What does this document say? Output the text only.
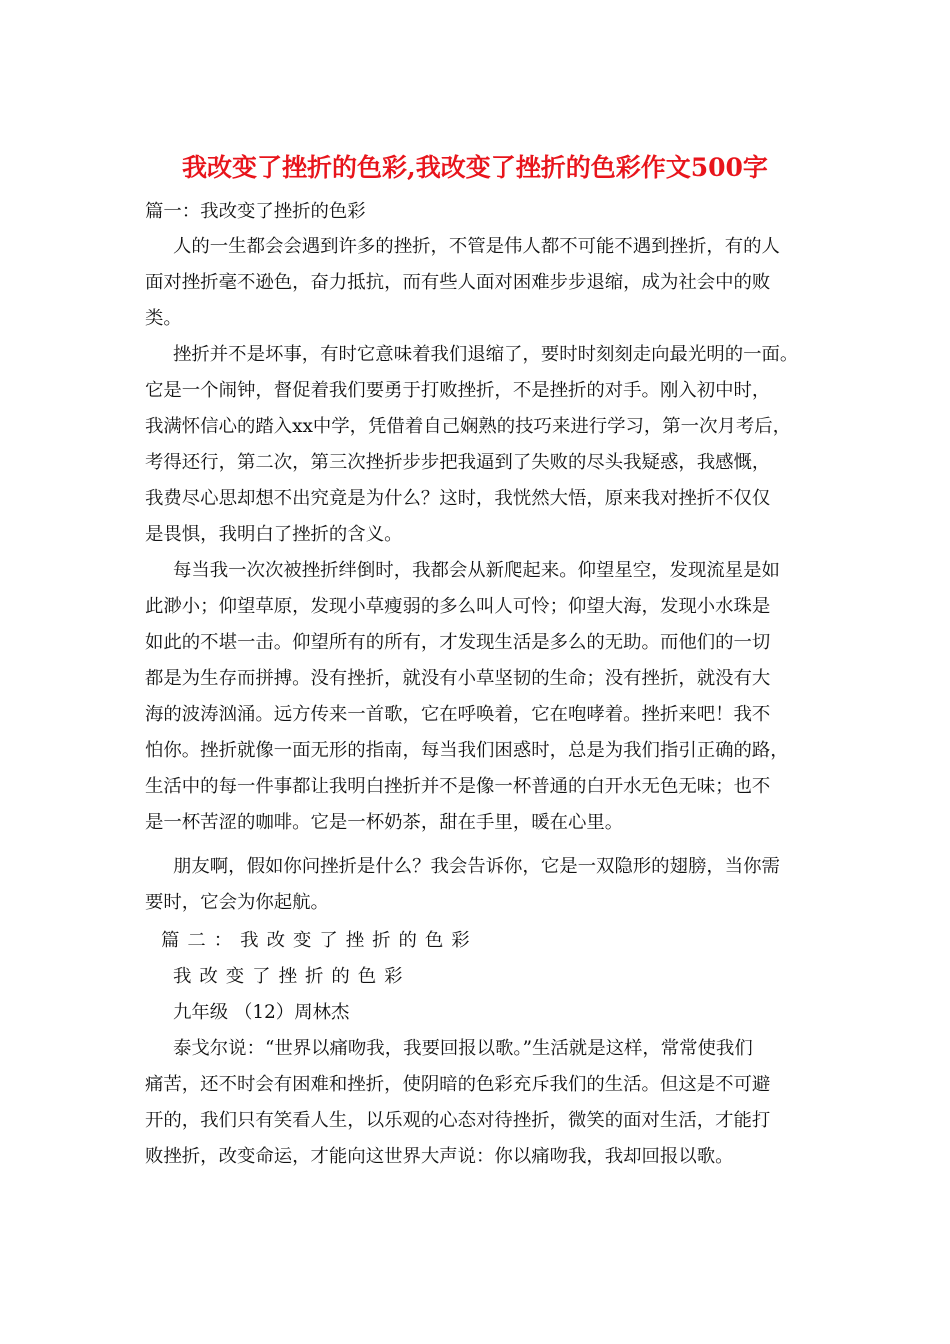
我改变了挫折的色彩,我改变了挫折的色彩作文500字
篇一：我改变了挫折的色彩
人的一生都会会遇到许多的挫折，不管是伟人都不可能不遇到挫折，有的人
面对挫折毫不逊色，奋力抵抗，而有些人面对困难步步退缩，成为社会中的败
类。
挫折并不是坏事，有时它意味着我们退缩了，要时时刻刻走向最光明的一面。
它是一个闹钟，督促着我们要勇于打败挫折，不是挫折的对手。刚入初中时，
我满怀信心的踏入xx中学，凭借着自己娴熟的技巧来进行学习，第一次月考后，
考得还行，第二次，第三次挫折步步把我逼到了失败的尽头我疑惑，我感慨，
我费尽心思却想不出究竟是为什么？这时，我恍然大悟，原来我对挫折不仅仅
是畏惧，我明白了挫折的含义。
每当我一次次被挫折绊倒时，我都会从新爬起来。仰望星空，发现流星是如
此渺小；仰望草原，发现小草瘦弱的多么叫人可怜；仰望大海，发现小水珠是
如此的不堪一击。仰望所有的所有，才发现生活是多么的无助。而他们的一切
都是为生存而拼搏。没有挫折，就没有小草坚韧的生命；没有挫折，就没有大
海的波涛汹涌。远方传来一首歌，它在呼唤着，它在咆哮着。挫折来吧！我不
怕你。挫折就像一面无形的指南，每当我们困惑时，总是为我们指引正确的路，
生活中的每一件事都让我明白挫折并不是像一杯普通的白开水无色无味；也不
是一杯苦涩的咖啡。它是一杯奶茶，甜在手里，暖在心里。
朋友啊，假如你问挫折是什么？我会告诉你，它是一双隐形的翅膀，当你需
要时，它会为你起航。
篇二：我改变了挫折的色彩
我改变了挫折的色彩
九年级 （12）周林杰
泰戈尔说：“世界以痛吻我，我要回报以歌。”生活就是这样，常常使我们
痛苦，还不时会有困难和挫折，使阴暗的色彩充斥我们的生活。但这是不可避
开的，我们只有笑看人生，以乐观的心态对待挫折，微笑的面对生活，才能打
败挫折，改变命运，才能向这世界大声说：你以痛吻我，我却回报以歌。
